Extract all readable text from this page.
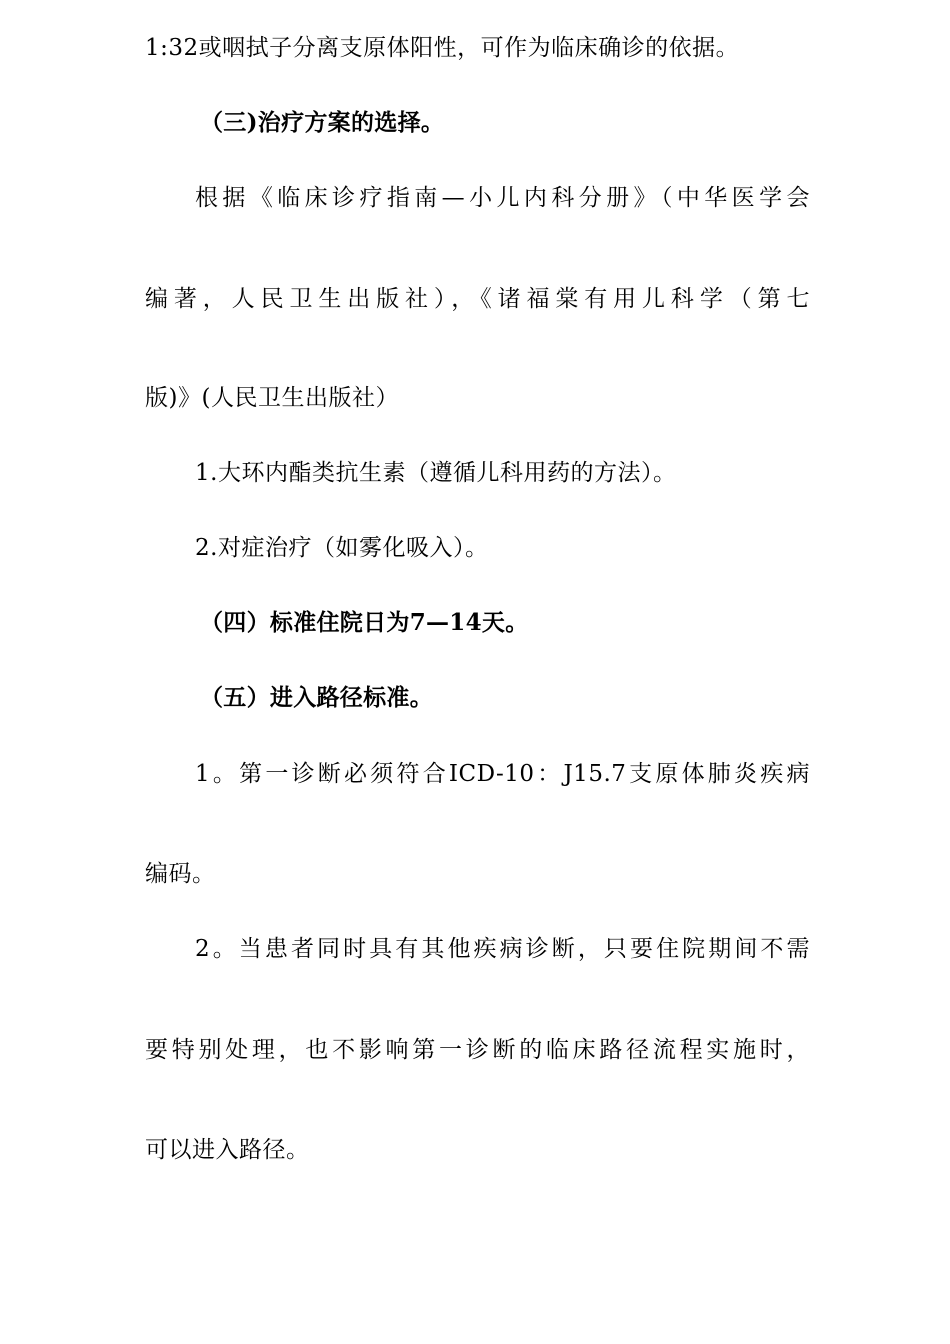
1:32或咽拭子分离支原体阳性，可作为临床确诊的依据。
（三)治疗方案的选择。
根据《临床诊疗指南—小儿内科分册》（中华医学会
编著，人民卫生出版社），《诸福棠有用儿科学（第七
版)》(人民卫生出版社）
1.大环内酯类抗生素（遵循儿科用药的方法）。
2.对症治疗（如雾化吸入）。
（四）标准住院日为7—14天。
（五）进入路径标准。
1。第一诊断必须符合ICD-10：J15.7支原体肺炎疾病
编码。
2。当患者同时具有其他疾病诊断，只要住院期间不需
要特别处理，也不影响第一诊断的临床路径流程实施时，
可以进入路径。
